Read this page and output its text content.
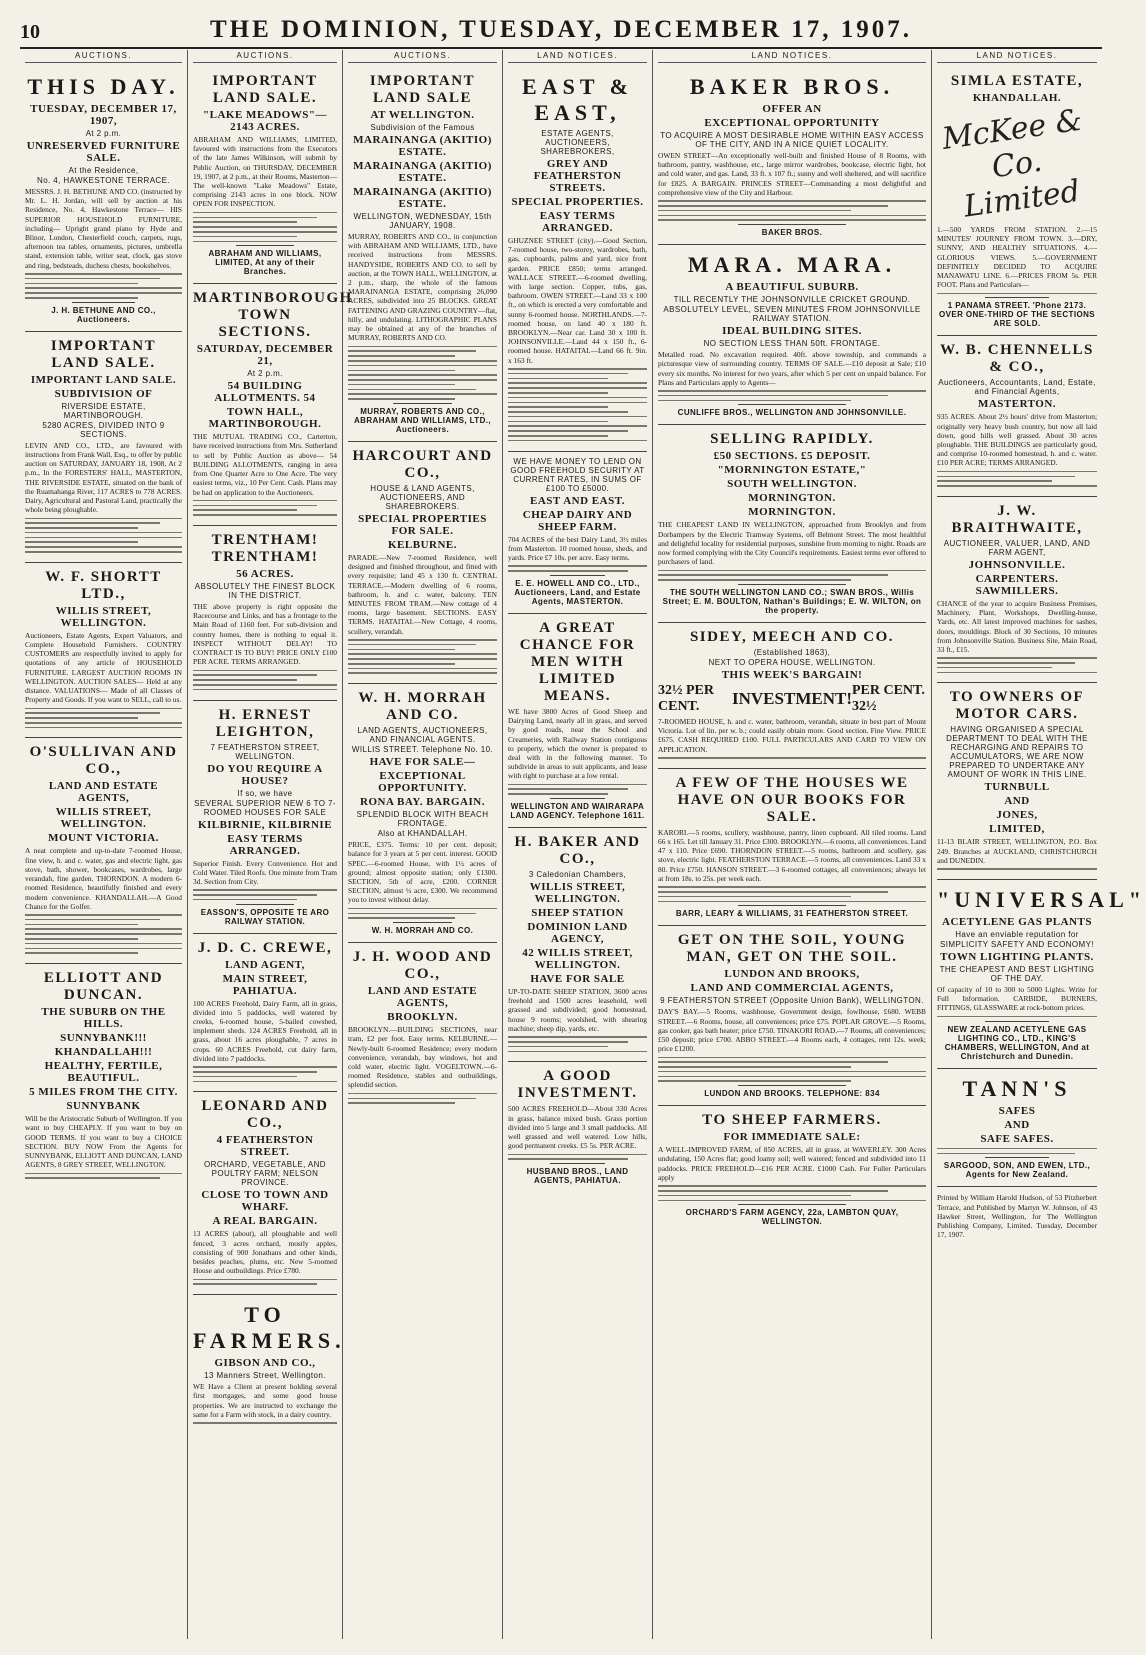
10	THE DOMINION, TUESDAY, DECEMBER 17, 1907.
AUCTIONS.
THIS DAY.
TUESDAY, DECEMBER 17, 1907,
At 2 p.m.
UNRESERVED FURNITURE SALE.
At the Residence,
No. 4, HAWKESTONE TERRACE.
MESSRS. J. H. BETHUNE AND CO. (instructed by Mr. L. H. Jordan, will sell by auction at his Residence, No. 4, Hawkestone Terrace— HIS SUPERIOR HOUSEHOLD FURNITURE, including— Upright grand piano by Hyde and Blinor, London, Chesterfield couch, carpets, rugs, afternoon tea tables, ornaments, pictures, umbrella stand, extension table, writer seat, clock, gas stove and ring, bedsteads, duchess chests, bookshelves.
J. H. BETHUNE AND CO., Auctioneers.
IMPORTANT LAND SALE.
IMPORTANT LAND SALE.
SUBDIVISION OF
RIVERSIDE ESTATE, MARTINBOROUGH.
5280 ACRES, DIVIDED INTO 9 SECTIONS.
LEVIN AND CO., LTD., are favoured with instructions from Frank Wall, Esq., to offer by public auction on SATURDAY, JANUARY 18, 1908, At 2 p.m., In the FORESTERS' HALL, MASTERTON, THE RIVERSIDE ESTATE, situated on the bank of the Ruamahanga River, 117 ACRES to 778 ACRES. Dairy, Agricultural and Pastoral Land, practically the whole being ploughable.
W. F. SHORTT LTD.,
WILLIS STREET, WELLINGTON.
Auctioneers, Estate Agents, Expert Valuators, and Complete Household Furnishers. COUNTRY CUSTOMERS are respectfully invited to apply for quotations of any article of HOUSEHOLD FURNITURE. LARGEST AUCTION ROOMS IN WELLINGTON. AUCTION SALES— Held at any distance. VALUATIONS— Made of all Classes of Property and Goods. If you want to SELL, call to us.
O'SULLIVAN AND CO.,
LAND AND ESTATE AGENTS,
WILLIS STREET, WELLINGTON.
MOUNT VICTORIA.
A neat complete and up-to-date 7-roomed House, fine view, h. and c. water, gas and electric light, gas stove, bath, shower, bookcases, wardrobes, large verandah, fine garden. THORNDON. A modern 6-roomed Residence, beautifully finished and every modern convenience. KHANDALLAH.—A Good Chance for the Golfer.
ELLIOTT AND DUNCAN.
THE SUBURB ON THE HILLS.
SUNNYBANK!!!
KHANDALLAH!!!
HEALTHY, FERTILE, BEAUTIFUL.
5 MILES FROM THE CITY.
SUNNYBANK
Will be the Aristocratic Suburb of Wellington. If you want to buy CHEAPLY. If you want to buy on GOOD TERMS. If you want to buy a CHOICE SECTION. BUY NOW From the Agents for SUNNYBANK, ELLIOTT AND DUNCAN, LAND AGENTS, 8 GREY STREET, WELLINGTON.
AUCTIONS.
IMPORTANT LAND SALE.
"LAKE MEADOWS"—2143 ACRES.
ABRAHAM AND WILLIAMS, LIMITED, favoured with instructions from the Executors of the late James Wilkinson, will submit by Public Auction, on THURSDAY, DECEMBER 19, 1907, at 2 p.m., at their Rooms, Masterton— The well-known "Lake Meadows" Estate, comprising 2143 acres in one block. NOW OPEN FOR INSPECTION.
ABRAHAM AND WILLIAMS, LIMITED, At any of their Branches.
MARTINBOROUGH TOWN SECTIONS.
SATURDAY, DECEMBER 21,
At 2 p.m.
54 BUILDING ALLOTMENTS. 54
TOWN HALL, MARTINBOROUGH.
THE MUTUAL TRADING CO., Carterton, have received instructions from Mrs. Sutherland to sell by Public Auction as above— 54 BUILDING ALLOTMENTS, ranging in area from One Quarter Acre to One Acre. The very easiest terms, viz., 10 Per Cent. Cash. Plans may be had on application to the Auctioneers.
TRENTHAM! TRENTHAM!
56 ACRES.
ABSOLUTELY THE FINEST BLOCK IN THE DISTRICT.
THE above property is right opposite the Racecourse and Links, and has a frontage to the Main Road of 1160 feet. For sub-division and country homes, there is nothing to equal it. INSPECT WITHOUT DELAY! TO CONTRACT IS TO BUY! PRICE ONLY £100 PER ACRE. TERMS ARRANGED.
H. ERNEST LEIGHTON,
7 FEATHERSTON STREET, WELLINGTON.
DO YOU REQUIRE A HOUSE?
If so, we have
SEVERAL SUPERIOR NEW 6 TO 7-ROOMED HOUSES FOR SALE
KILBIRNIE, KILBIRNIE
EASY TERMS ARRANGED.
Superior Finish. Every Convenience. Hot and Cold Water. Tiled Roofs. One minute from Tram 3d. Section from City.
EASSON'S, OPPOSITE TE ARO RAILWAY STATION.
J. D. C. CREWE,
LAND AGENT,
MAIN STREET, PAHIATUA.
100 ACRES Freehold, Dairy Farm, all in grass, divided into 5 paddocks, well watered by creeks, 6-roomed house, 5-bailed cowshed, implement sheds. 124 ACRES Freehold, all in grass, about 16 acres ploughable, 7 acres in crops. 60 ACRES Freehold, cut dairy farm, divided into 7 paddocks.
LEONARD AND CO.,
4 FEATHERSTON STREET.
ORCHARD, VEGETABLE, AND POULTRY FARM; NELSON PROVINCE.
CLOSE TO TOWN AND WHARF.
A REAL BARGAIN.
13 ACRES (about), all ploughable and well fenced, 3 acres orchard, mostly apples, consisting of 900 Jonathans and other kinds, besides peaches, plums, etc. New 5-roomed House and outbuildings. Price £780.
TO FARMERS.
GIBSON AND CO.,
13 Manners Street, Wellington.
WE Have a Client at present holding several first mortgages, and some good house properties. We are instructed to exchange the same for a Farm with stock, in a dairy country.
AUCTIONS.
IMPORTANT LAND SALE
AT WELLINGTON.
Subdivision of the Famous
MARAINANGA (AKITIO) ESTATE.
MARAINANGA (AKITIO) ESTATE.
MARAINANGA (AKITIO) ESTATE.
WELLINGTON, WEDNESDAY, 15th JANUARY, 1908.
MURRAY, ROBERTS AND CO., in conjunction with ABRAHAM AND WILLIAMS, LTD., have received instructions from MESSRS. HANDYSIDE, ROBERTS AND CO. to sell by auction, at the TOWN HALL, WELLINGTON, at 2 p.m., sharp, the whole of the famous MARAINANGA ESTATE, comprising 26,090 ACRES, subdivided into 25 BLOCKS. GREAT FATTENING AND GRAZING COUNTRY—flat, hilly, and undulating. LITHOGRAPHIC PLANS may be obtained at any of the branches of MURRAY, ROBERTS AND CO.
MURRAY, ROBERTS AND CO., ABRAHAM AND WILLIAMS, LTD., Auctioneers.
HARCOURT AND CO.,
HOUSE & LAND AGENTS, AUCTIONEERS, AND SHAREBROKERS.
SPECIAL PROPERTIES FOR SALE.
KELBURNE.
PARADE.—New 7-roomed Residence, well designed and finished throughout, and fitted with every requisite; land 45 x 130 ft. CENTRAL TERRACE.—Modern dwelling of 6 rooms, bathroom, h. and c. water, balcony. TEN MINUTES FROM TRAM.—New cottage of 4 rooms, large basement. SECTIONS. EASY TERMS. HATAITAI.—New Cottage, 4 rooms, scullery, verandah.
W. H. MORRAH AND CO.
LAND AGENTS, AUCTIONEERS, AND FINANCIAL AGENTS.
WILLIS STREET. Telephone No. 10.
HAVE FOR SALE—
EXCEPTIONAL OPPORTUNITY.
RONA BAY. BARGAIN.
SPLENDID BLOCK WITH BEACH FRONTAGE.
Also at KHANDALLAH.
PRICE, £375. Terms: 10 per cent. deposit; balance for 3 years at 5 per cent. interest. GOOD SPEC.—6-roomed House, with 1½ acres of ground; almost opposite station; only £1300. SECTION, 5th of acre, £200. CORNER SECTION, almost ½ acre, £300. We recommend you to invest without delay.
W. H. MORRAH AND CO.
J. H. WOOD AND CO.,
LAND AND ESTATE AGENTS,
BROOKLYN.
BROOKLYN.—BUILDING SECTIONS, near tram, £2 per foot. Easy terms. KELBURNE.—Newly-built 6-roomed Residence; every modern convenience, verandah, bay windows, hot and cold water, electric light. VOGELTOWN.—6-roomed Residence, stables and outbuildings, splendid section.
LAND NOTICES.
EAST & EAST,
ESTATE AGENTS, AUCTIONEERS, SHAREBROKERS,
GREY AND FEATHERSTON STREETS.
SPECIAL PROPERTIES.
EASY TERMS ARRANGED.
GHUZNEE STREET (city).—Good Section, 7-roomed house, two-storey, wardrobes, bath, gas, cupboards, palms and yard, nice front garden. PRICE £850; terms arranged. WALLACE STREET.—6-roomed dwelling, with large section. Copper, tubs, gas, bathroom. OWEN STREET.—Land 33 x 100 ft., on which is erected a very comfortable and sunny 6-roomed house. NORTHLANDS.—7-roomed house, on land 40 x 180 ft. BROOKLYN.—Near car. Land 30 x 100 ft. JOHNSONVILLE.—Land 44 x 150 ft., 6-roomed house. HATAITAI.—Land 66 ft. 9in. x 163 ft.
WE HAVE MONEY TO LEND ON GOOD FREEHOLD SECURITY AT CURRENT RATES, IN SUMS OF £100 TO £5000.
EAST AND EAST.
CHEAP DAIRY AND SHEEP FARM.
704 ACRES of the best Dairy Land, 3½ miles from Masterton. 10 roomed house, sheds, and yards. Price £7 10s. per acre. Easy terms.
E. E. HOWELL AND CO., LTD., Auctioneers, Land, and Estate Agents, MASTERTON.
A GREAT CHANCE FOR MEN WITH LIMITED MEANS.
WE have 3800 Acres of Good Sheep and Dairying Land, nearly all in grass, and served by good roads, near the School and Creameries, with Railway Station contiguous to property, which the owner is prepared to deal with in the following manner. To subdivide in areas to suit applicants, and lease with right to purchase at a low rental.
WELLINGTON AND WAIRARAPA LAND AGENCY. Telephone 1611.
H. BAKER AND CO.,
3 Caledonian Chambers,
WILLIS STREET, WELLINGTON.
SHEEP STATION
DOMINION LAND AGENCY,
42 WILLIS STREET, WELLINGTON.
HAVE FOR SALE
UP-TO-DATE SHEEP STATION, 3600 acres freehold and 1500 acres leasehold, well grassed and subdivided; good homestead, house 9 rooms; woolshed, with shearing machine; sheep dip, yards, etc.
A GOOD INVESTMENT.
500 ACRES FREEHOLD—About 330 Acres in grass, balance mixed bush. Grass portion divided into 5 large and 3 small paddocks. All well grassed and well watered. Low hills, good permanent creeks. £5 5s. PER ACRE.
HUSBAND BROS., LAND AGENTS, PAHIATUA.
LAND NOTICES.
BAKER BROS.
OFFER AN
EXCEPTIONAL OPPORTUNITY
TO ACQUIRE A MOST DESIRABLE HOME WITHIN EASY ACCESS OF THE CITY, AND IN A NICE QUIET LOCALITY.
OWEN STREET—An exceptionally well-built and finished House of 8 Rooms, with bathroom, pantry, washhouse, etc., large mirror wardrobes, bookcase, electric light, hot and cold water, and gas. Land, 33 ft. x 107 ft.; sunny and well sheltered, and will sacrifice for £825. A BARGAIN. PRINCES STREET—Commanding a most delightful and comprehensive view of the City and Harbour.
BAKER BROS.
MARA. MARA.
A BEAUTIFUL SUBURB.
TILL RECENTLY THE JOHNSONVILLE CRICKET GROUND.
ABSOLUTELY LEVEL, SEVEN MINUTES FROM JOHNSONVILLE RAILWAY STATION.
IDEAL BUILDING SITES.
NO SECTION LESS THAN 50ft. FRONTAGE.
Metalled road. No excavation required. 40ft. above township, and commands a picturesque view of surrounding country. TERMS OF SALE.—£10 deposit at Sale; £10 every six months. No interest for two years, after which 5 per cent on unpaid balance. For Plans and Particulars apply to Agents—
CUNLIFFE BROS., WELLINGTON AND JOHNSONVILLE.
SELLING RAPIDLY.
£50 SECTIONS. £5 DEPOSIT.
"MORNINGTON ESTATE,"
SOUTH WELLINGTON.
MORNINGTON.
MORNINGTON.
THE CHEAPEST LAND IN WELLINGTON, approached from Brooklyn and from Dorbampers by the Electric Tramway Systems, off Belmont Street. The most healthful and delightful locality for residential purposes, sunshine from morning to night. Roads are now formed complying with the City Council's requirements. Easiest terms ever offered to purchasers of land.
THE SOUTH WELLINGTON LAND CO.; SWAN BROS., Willis Street; E. M. BOULTON, Nathan's Buildings; E. W. WILTON, on the property.
SIDEY, MEECH AND CO.
(Established 1863),
NEXT TO OPERA HOUSE, WELLINGTON.
THIS WEEK'S BARGAIN!
32½ PER CENT.	INVESTMENT! PER CENT. 32½
7-ROOMED HOUSE, h. and c. water, bathroom, verandah, situate in best part of Mount Victoria. Lot of lin. per w. b.; could easily obtain more. Good section. Fine View. PRICE £675. CASH REQUIRED £100. FULL PARTICULARS AND CARD TO VIEW ON APPLICATION.
A FEW OF THE HOUSES WE HAVE ON OUR BOOKS FOR SALE.
KARORI.—5 rooms, scullery, washhouse, pantry, linen cupboard. All tiled rooms. Land 66 x 165. Let till January 31. Price £300. BROOKLYN.—6 rooms, all conveniences. Land 47 x 110. Price £690. THORNDON STREET.—5 rooms, bathroom and scullery, gas stove, electric light. FEATHERSTON TERRACE.—5 rooms, all conveniences. Land 33 x 80. Price £750. HANSON STREET.—3 6-roomed cottages, all conveniences; always let at from 18s. to 25s. per week each.
BARR, LEARY & WILLIAMS, 31 FEATHERSTON STREET.
GET ON THE SOIL, YOUNG MAN, GET ON THE SOIL.
LUNDON AND BROOKS,
LAND AND COMMERCIAL AGENTS,
9 FEATHERSTON STREET (Opposite Union Bank), WELLINGTON.
DAY'S BAY.—5 Rooms, washhouse, Government design, fowlhouse, £680. WEBB STREET.—6 Rooms, house, all conveniences; price £75. POPLAR GROVE.—5 Rooms, gas cooker, gas bath heater; price £750. TINAKORI ROAD.—7 Rooms, all conveniences; £50 deposit; price £700. ABBO STREET.—4 Rooms each, 4 cottages, rent 12s. week; price £1200.
LUNDON AND BROOKS. TELEPHONE: 834
TO SHEEP FARMERS.
FOR IMMEDIATE SALE:
A WELL-IMPROVED FARM, of 850 ACRES, all in grass, at WAVERLEY. 300 Acres undulating, 150 Acres flat; good loamy soil; well watered; fenced and subdivided into 11 paddocks. PRICE FREEHOLD—£16 PER ACRE. £1000 Cash. For Fuller Particulars apply
ORCHARD'S FARM AGENCY, 22a, LAMBTON QUAY, WELLINGTON.
LAND NOTICES.
SIMLA ESTATE,
KHANDALLAH.
McKee & Co. Limited
1.—500 YARDS FROM STATION. 2.—15 MINUTES' JOURNEY FROM TOWN. 3.—DRY, SUNNY, AND HEALTHY SITUATIONS. 4.—GLORIOUS VIEWS. 5.—GOVERNMENT DEFINITELY DECIDED TO ACQUIRE MANAWATU LINE. 6.—PRICES FROM 5s. PER FOOT. Plans and Particulars—
1 PANAMA STREET. 'Phone 2173. OVER ONE-THIRD OF THE SECTIONS ARE SOLD.
W. B. CHENNELLS & CO.,
Auctioneers, Accountants, Land, Estate, and Financial Agents,
MASTERTON.
935 ACRES. About 2½ hours' drive from Masterton; originally very heavy bush country, but now all laid down, good hills well grassed. About 30 acres ploughable. THE BUILDINGS are particularly good, and comprise 10-roomed homestead, h. and c. water. £10 PER ACRE; TERMS ARRANGED.
J. W. BRAITHWAITE,
AUCTIONEER, VALUER, LAND, AND FARM AGENT,
JOHNSONVILLE.
CARPENTERS. SAWMILLERS.
CHANCE of the year to acquire Business Premises, Machinery, Plant, Workshops, Dwelling-house, Yards, etc. All latest improved machines for sashes, doors, mouldings. Block of 30 Sections, 10 minutes from Johnsonville Station. Business Site, Main Road, 33 ft., £15.
TO OWNERS OF MOTOR CARS.
HAVING ORGANISED A SPECIAL DEPARTMENT TO DEAL WITH THE RECHARGING AND REPAIRS TO ACCUMULATORS, WE ARE NOW PREPARED TO UNDERTAKE ANY AMOUNT OF WORK IN THIS LINE.
TURNBULL
AND
JONES,
LIMITED,
11-13 BLAIR STREET, WELLINGTON, P.O. Box 249. Branches at AUCKLAND, CHRISTCHURCH and DUNEDIN.
"UNIVERSAL"
ACETYLENE GAS PLANTS
Have an enviable reputation for
SIMPLICITY SAFETY AND ECONOMY!
TOWN LIGHTING PLANTS.
THE CHEAPEST AND BEST LIGHTING OF THE DAY.
Of capacity of 10 to 300 to 5000 Lights. Write for Full Information. CARBIDE, BURNERS, FITTINGS, GLASSWARE at rock-bottom prices.
NEW ZEALAND ACETYLENE GAS LIGHTING CO., LTD., KING'S CHAMBERS, WELLINGTON, And at Christchurch and Dunedin.
TANN'S
SAFES
AND
SAFE SAFES.
SARGOOD, SON, AND EWEN, LTD., Agents for New Zealand.
Printed by William Harold Hudson, of 53 Pitzherbert Terrace, and Published by Martyn W. Johnson, of 43 Hawker Street, Wellington, for The Wellington Publishing Company, Limited. Tuesday, December 17, 1907.
